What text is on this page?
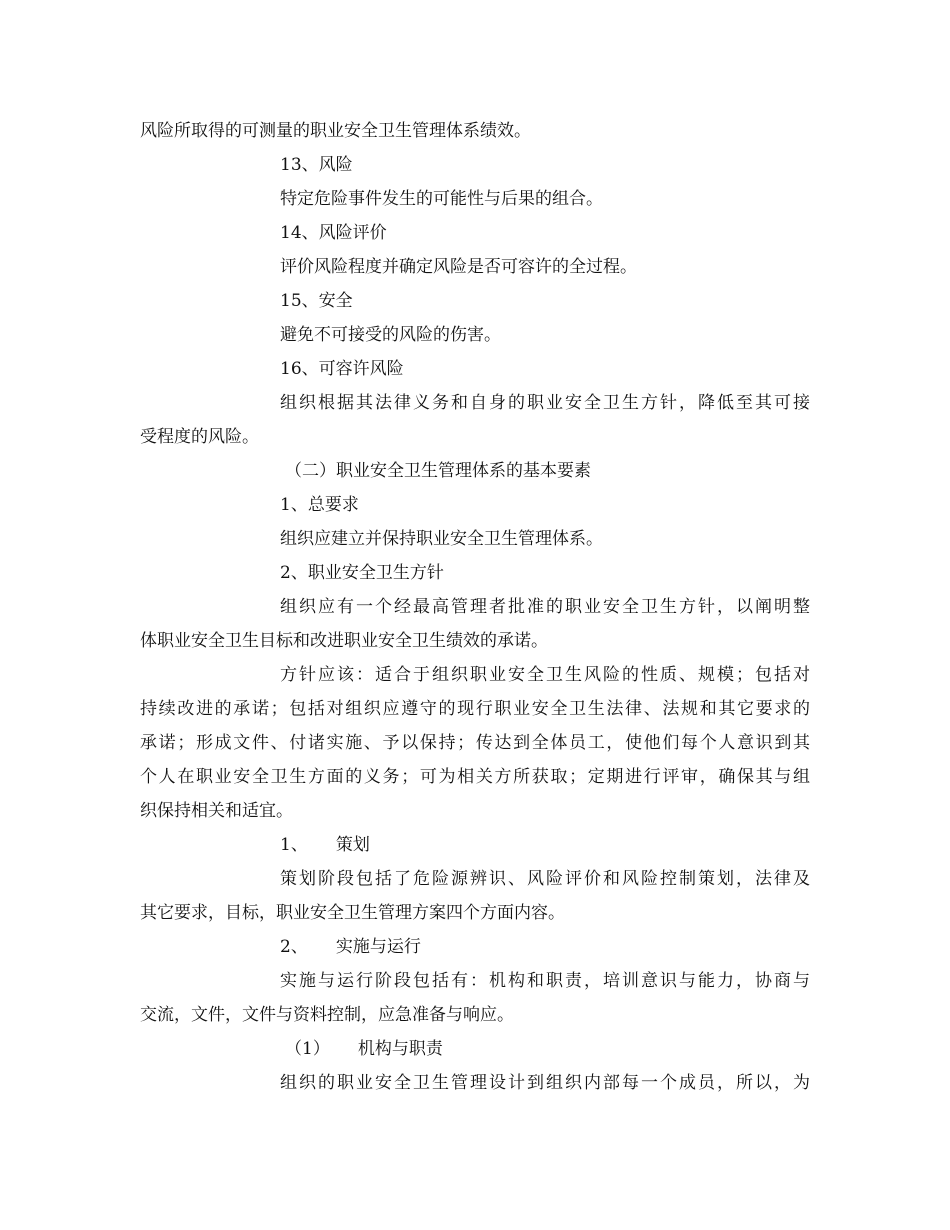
风险所取得的可测量的职业安全卫生管理体系绩效。

13、风险

特定危险事件发生的可能性与后果的组合。

14、风险评价

评价风险程度并确定风险是否可容许的全过程。

15、安全

避免不可接受的风险的伤害。

16、可容许风险

组织根据其法律义务和自身的职业安全卫生方针，降低至其可接

受程度的风险。

（二）职业安全卫生管理体系的基本要素

1、总要求

组织应建立并保持职业安全卫生管理体系。

2、职业安全卫生方针

组织应有一个经最高管理者批准的职业安全卫生方针，以阐明整

体职业安全卫生目标和改进职业安全卫生绩效的承诺。

方针应该：适合于组织职业安全卫生风险的性质、规模；包括对

持续改进的承诺；包括对组织应遵守的现行职业安全卫生法律、法规和其它要求的

承诺；形成文件、付诸实施、予以保持；传达到全体员工，使他们每个人意识到其

个人在职业安全卫生方面的义务；可为相关方所获取；定期进行评审，确保其与组

织保持相关和适宜。

1、 策划

策划阶段包括了危险源辨识、风险评价和风险控制策划，法律及

其它要求，目标，职业安全卫生管理方案四个方面内容。

2、 实施与运行

实施与运行阶段包括有：机构和职责，培训意识与能力，协商与

交流，文件，文件与资料控制，应急准备与响应。

（1） 机构与职责

组织的职业安全卫生管理设计到组织内部每一个成员，所以，为
